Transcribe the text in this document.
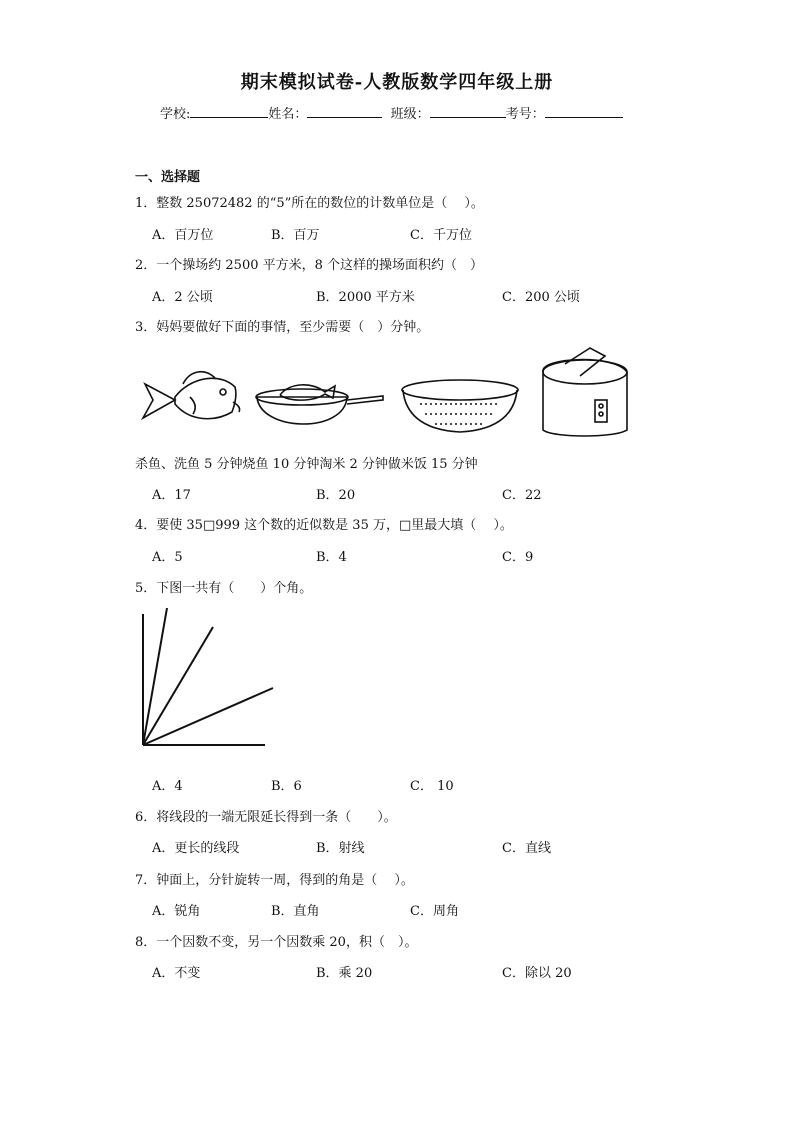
期末模拟试卷-人教版数学四年级上册
学校:	姓名：	班级：	考号：
一、选择题
1．整数 25072482 的“5”所在的数位的计数单位是（　 ）。
A．百万位	B．百万	C．千万位
2．一个操场约 2500 平方米，8 个这样的操场面积约（　）
A．2 公顷	B．2000 平方米	C．200 公顷
3．妈妈要做好下面的事情，至少需要（　）分钟。
杀鱼、洗鱼 5 分钟烧鱼 10 分钟淘米 2 分钟做米饭 15 分钟
A．17	B．20	C．22
4．要使 35□999 这个数的近似数是 35 万，□里最大填（　 ）。
A．5	B．4	C．9
5．下图一共有（　　）个角。
A．4	B．6	C． 10
6．将线段的一端无限延长得到一条（　　）。
A．更长的线段	B．射线	C．直线
7．钟面上，分针旋转一周，得到的角是（　 ）。
A．锐角	B．直角	C．周角
8．一个因数不变，另一个因数乘 20，积（　）。
A．不变	B．乘 20	C．除以 20
